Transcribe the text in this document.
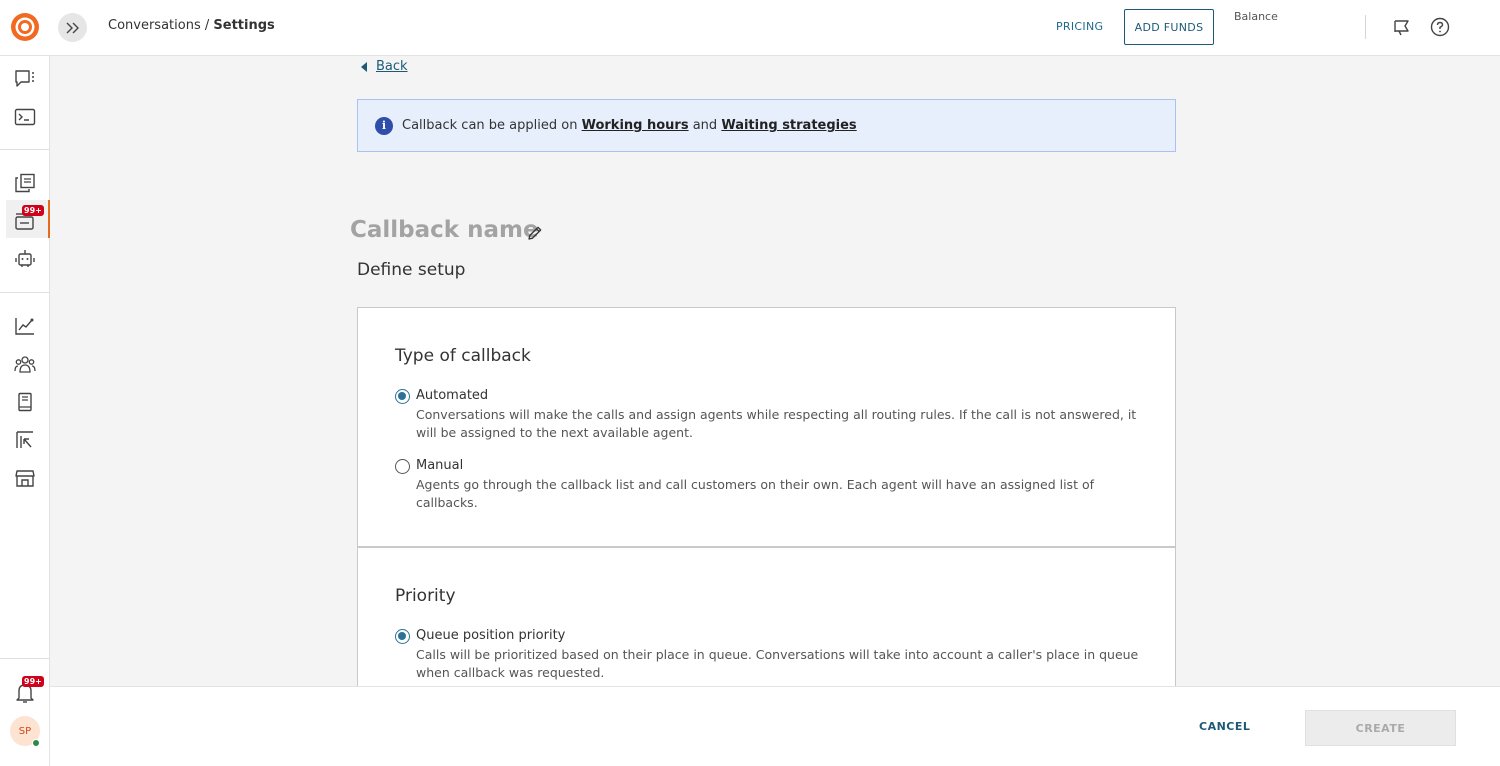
Conversations / Settings	PRICING	ADD FUNDS
Balance
99+
99+
SP
Back
i	Callback can be applied on
Working hours
and
Waiting strategies
Callback name
Define setup
Type of callback
Automated
Conversations will make the calls and assign agents while respecting all routing rules. If the call is not answered, it will be assigned to the next available agent.
Manual
Agents go through the callback list and call customers on their own. Each agent will have an assigned list of callbacks.
Priority
Queue position priority
Calls will be prioritized based on their place in queue. Conversations will take into account a caller's place in queue when callback was requested.
CANCEL	CREATE
